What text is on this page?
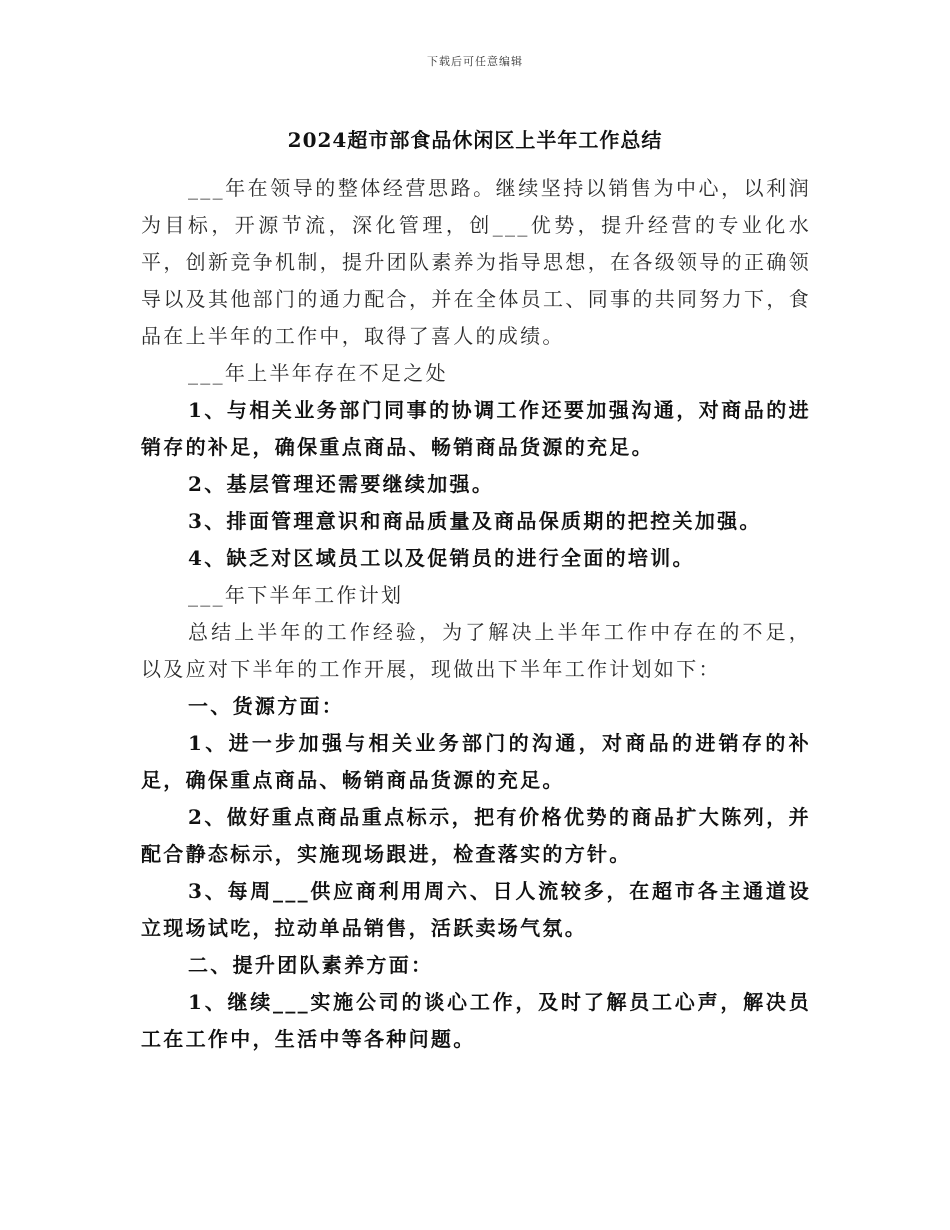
下载后可任意编辑
2024超市部食品休闲区上半年工作总结

___年在领导的整体经营思路。继续坚持以销售为中心，以利润为目标，开源节流，深化管理，创___优势，提升经营的专业化水平，创新竞争机制，提升团队素养为指导思想，在各级领导的正确领导以及其他部门的通力配合，并在全体员工、同事的共同努力下，食品在上半年的工作中，取得了喜人的成绩。

___年上半年存在不足之处

1、与相关业务部门同事的协调工作还要加强沟通，对商品的进销存的补足，确保重点商品、畅销商品货源的充足。

2、基层管理还需要继续加强。

3、排面管理意识和商品质量及商品保质期的把控关加强。

4、缺乏对区域员工以及促销员的进行全面的培训。

___年下半年工作计划

总结上半年的工作经验，为了解决上半年工作中存在的不足，以及应对下半年的工作开展，现做出下半年工作计划如下：

一、货源方面：

1、进一步加强与相关业务部门的沟通，对商品的进销存的补足，确保重点商品、畅销商品货源的充足。

2、做好重点商品重点标示，把有价格优势的商品扩大陈列，并配合静态标示，实施现场跟进，检查落实的方针。

3、每周___供应商利用周六、日人流较多，在超市各主通道设立现场试吃，拉动单品销售，活跃卖场气氛。

二、提升团队素养方面：

1、继续___实施公司的谈心工作，及时了解员工心声，解决员工在工作中，生活中等各种问题。
